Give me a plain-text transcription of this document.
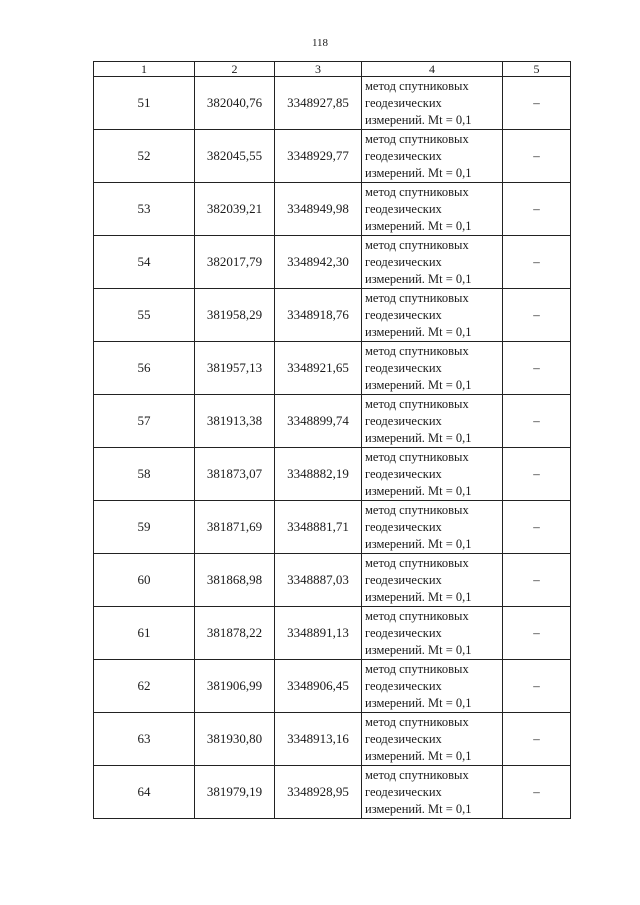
118
1	2	3	4	5
51	382040,76	3348927,85	метод спутниковых
геодезических
измерений. Mt = 0,1	–
52	382045,55	3348929,77	метод спутниковых
геодезических
измерений. Mt = 0,1	–
53	382039,21	3348949,98	метод спутниковых
геодезических
измерений. Mt = 0,1	–
54	382017,79	3348942,30	метод спутниковых
геодезических
измерений. Mt = 0,1	–
55	381958,29	3348918,76	метод спутниковых
геодезических
измерений. Mt = 0,1	–
56	381957,13	3348921,65	метод спутниковых
геодезических
измерений. Mt = 0,1	–
57	381913,38	3348899,74	метод спутниковых
геодезических
измерений. Mt = 0,1	–
58	381873,07	3348882,19	метод спутниковых
геодезических
измерений. Mt = 0,1	–
59	381871,69	3348881,71	метод спутниковых
геодезических
измерений. Mt = 0,1	–
60	381868,98	3348887,03	метод спутниковых
геодезических
измерений. Mt = 0,1	–
61	381878,22	3348891,13	метод спутниковых
геодезических
измерений. Mt = 0,1	–
62	381906,99	3348906,45	метод спутниковых
геодезических
измерений. Mt = 0,1	–
63	381930,80	3348913,16	метод спутниковых
геодезических
измерений. Mt = 0,1	–
64	381979,19	3348928,95	метод спутниковых
геодезических
измерений. Mt = 0,1	–
